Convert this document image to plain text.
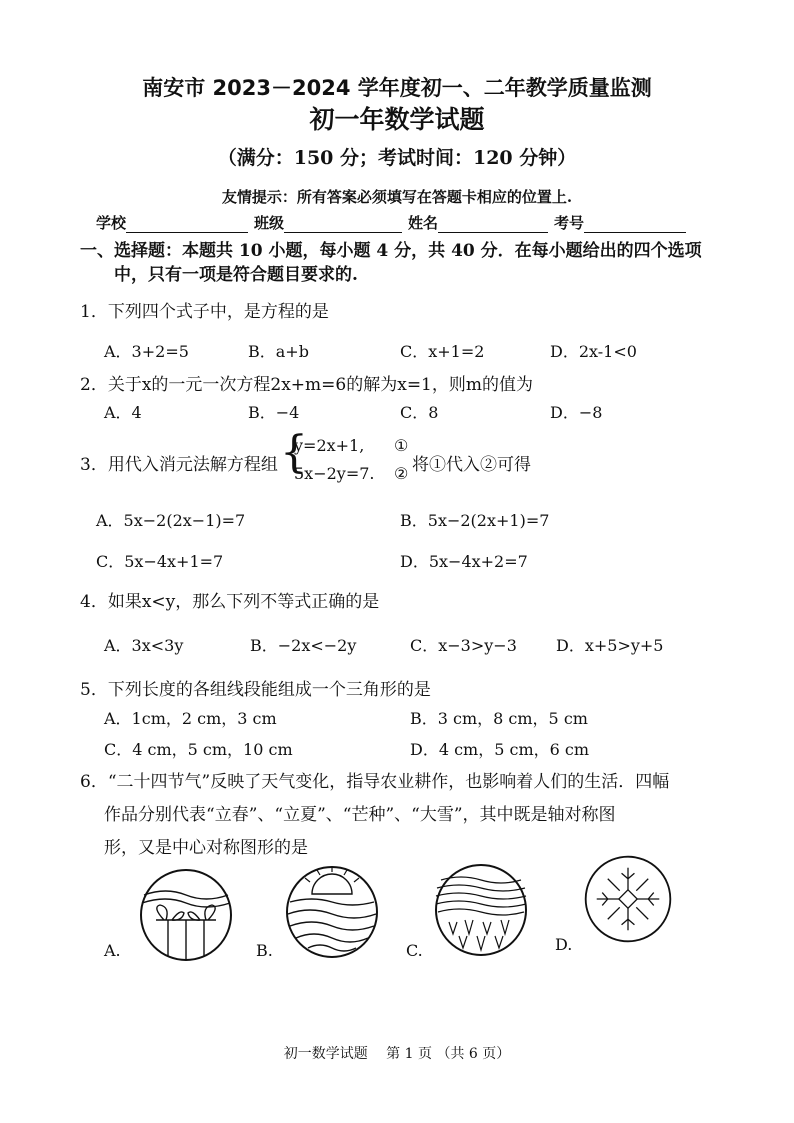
南安市 2023－2024 学年度初一、二年教学质量监测
初一年数学试题
（满分：150 分；考试时间：120 分钟）
友情提示：所有答案必须填写在答题卡相应的位置上.
学校	班级	姓名	考号
一、选择题：本题共 10 小题，每小题 4 分，共 40 分．在每小题给出的四个选项
中，只有一项是符合题目要求的.
1．下列四个式子中，是方程的是
A．3+2=5	B．a+b	C．x+1=2	D．2x-1<0
2．关于x的一元一次方程2x+m=6的解为x=1，则m的值为
A．4	B．−4	C．8	D．−8
3．用代入消元法解方程组 {
y=2x+1,
5x−2y=7.
①
② 将①代入②可得
A．5x−2(2x−1)=7	B．5x−2(2x+1)=7
C．5x−4x+1=7	D．5x−4x+2=7
4．如果x<y，那么下列不等式正确的是
A．3x<3y	B．−2x<−2y	C．x−3>y−3 D．x+5>y+5
5．下列长度的各组线段能组成一个三角形的是
A．1cm，2 cm，3 cm	B．3 cm，8 cm，5 cm
C．4 cm，5 cm，10 cm	D．4 cm，5 cm，6 cm
6．“二十四节气”反映了天气变化，指导农业耕作，也影响着人们的生活．四幅
作品分别代表“立春”、“立夏”、“芒种”、“大雪”，其中既是轴对称图
形，又是中心对称图形的是
A.	B.	C.	D.
初一数学试题　 第 1 页 （共 6 页）
